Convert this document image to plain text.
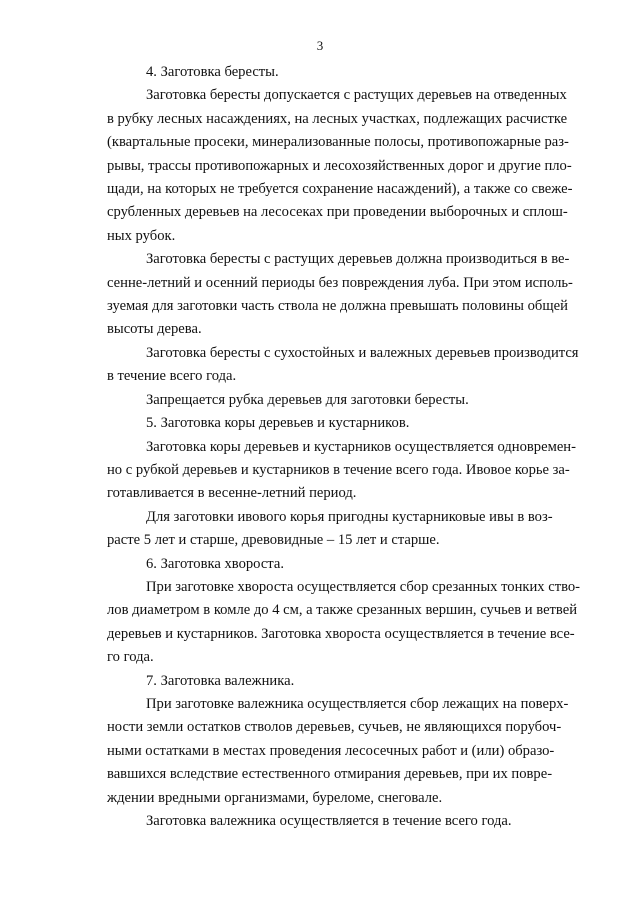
3

4. Заготовка бересты.

Заготовка бересты допускается с растущих деревьев на отведенных
в рубку лесных насаждениях, на лесных участках, подлежащих расчистке
(квартальные просеки, минерализованные полосы, противопожарные раз-
рывы, трассы противопожарных и лесохозяйственных дорог и другие пло-
щади, на которых не требуется сохранение насаждений), а также со свеже-
срубленных деревьев на лесосеках при проведении выборочных и сплош-
ных рубок.

Заготовка бересты с растущих деревьев должна производиться в ве-
сенне-летний и осенний периоды без повреждения луба. При этом исполь-
зуемая для заготовки часть ствола не должна превышать половины общей
высоты дерева.

Заготовка бересты с сухостойных и валежных деревьев производится
в течение всего года.

Запрещается рубка деревьев для заготовки бересты.

5. Заготовка коры деревьев и кустарников.

Заготовка коры деревьев и кустарников осуществляется одновремен-
но с рубкой деревьев и кустарников в течение всего года. Ивовое корье за-
готавливается в весенне-летний период.

Для заготовки ивового корья пригодны кустарниковые ивы в воз-
расте 5 лет и старше, древовидные – 15 лет и старше.

6. Заготовка хвороста.

При заготовке хвороста осуществляется сбор срезанных тонких ство-
лов диаметром в комле до 4 см, а также срезанных вершин, сучьев и ветвей
деревьев и кустарников. Заготовка хвороста осуществляется в течение все-
го года.

7. Заготовка валежника.

При заготовке валежника осуществляется сбор лежащих на поверх-
ности земли остатков стволов деревьев, сучьев, не являющихся порубоч-
ными остатками в местах проведения лесосечных работ и (или) образо-
вавшихся вследствие естественного отмирания деревьев, при их повре-
ждении вредными организмами, буреломе, снеговале.

Заготовка валежника осуществляется в течение всего года.
